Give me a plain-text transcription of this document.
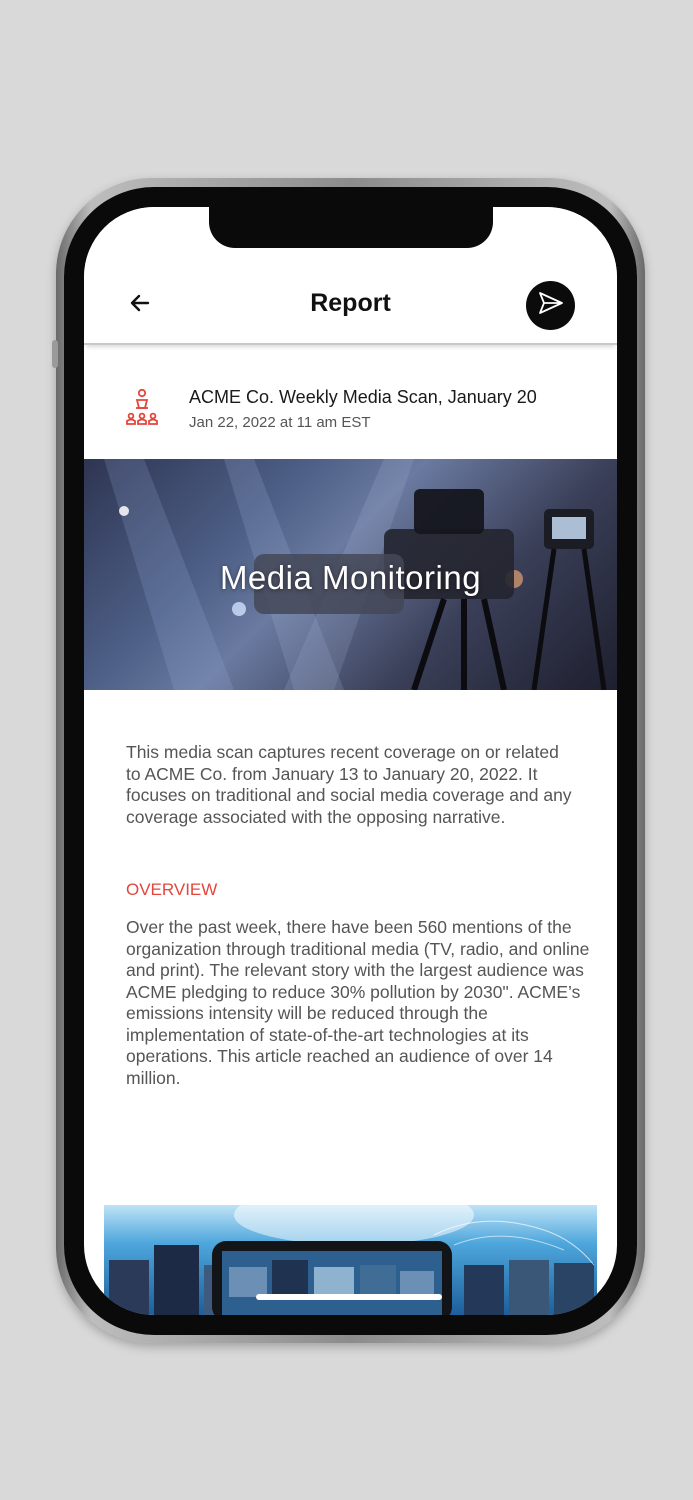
Report
ACME Co. Weekly Media Scan, January 20
Jan 22, 2022 at 11 am EST
Media Monitoring
This media scan captures recent coverage on or related to ACME Co. from January 13 to January 20, 2022. It focuses on traditional and social media coverage and any coverage associated with the opposing narrative.
OVERVIEW
Over the past week, there have been 560 mentions of the organization through traditional media (TV, radio, and online and print). The relevant story with the largest audience was ACME pledging to reduce 30% pollution by 2030". ACME’s emissions intensity will be reduced through the implementation of state-of-the-art technologies at its operations. This article reached an audience of over 14 million.
